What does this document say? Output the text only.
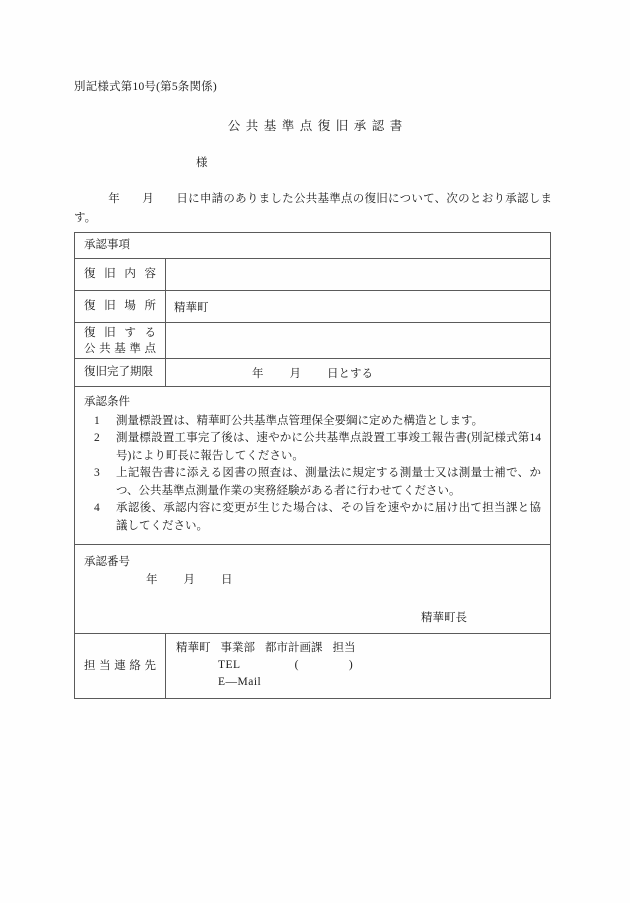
別記様式第10号(第5条関係)
公共基準点復旧承認書
様
年 月 日に申請のありました公共基準点の復旧について、次のとおり承認します。
承認事項	

復旧内容	

復旧場所	精華町

復旧する
公共基準点	

復旧完了期限	年 月 日とする

承認条件
1	測量標設置は、精華町公共基準点管理保全要綱に定めた構造とします。
2	測量標設置工事完了後は、速やかに公共基準点設置工事竣工報告書(別記様式第14号)により町長に報告してください。
3	上記報告書に添える図書の照査は、測量法に規定する測量士又は測量士補で、かつ、公共基準点測量作業の実務経験がある者に行わせてください。
4	承認後、承認内容に変更が生じた場合は、その旨を速やかに届け出て担当課と協議してください。

承認番号
年 月 日
精華町長	

担当連絡先	精華町 事業部 都市計画課 担当
TEL ( )
E—Mail
